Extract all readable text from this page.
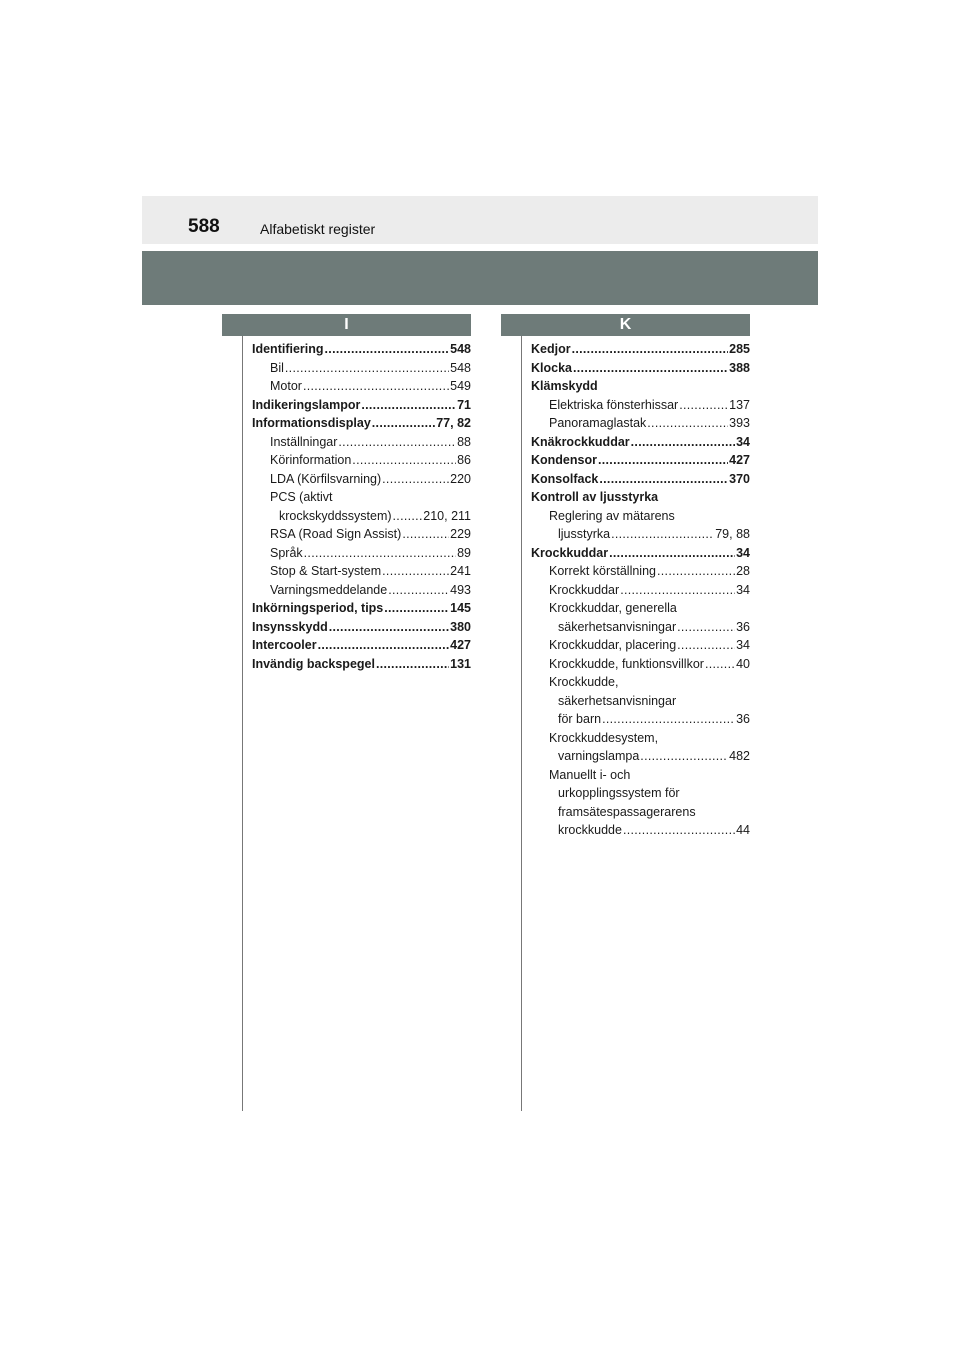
588	Alfabetiskt register
I	K
Identifiering .....	548
Bil .....	548
Motor .....	549
Indikeringslampor .....	71
Informationsdisplay .....	77, 82
Inställningar .....	88
Körinformation .....	86
LDA (Körfilsvarning) .....	220
PCS (aktivt
krockskyddssystem) .....	210, 211
RSA (Road Sign Assist) .....	229
Språk .....	89
Stop & Start-system .....	241
Varningsmeddelande .....	493
Inkörningsperiod, tips .....	145
Insynsskydd .....	380
Intercooler .....	427
Invändig backspegel .....	131
Kedjor .....	285
Klocka .....	388
Klämskydd
Elektriska fönsterhissar .....	137
Panoramaglastak .....	393
Knäkrockkuddar .....	34
Kondensor .....	427
Konsolfack .....	370
Kontroll av ljusstyrka
Reglering av mätarens
ljusstyrka .....	79, 88
Krockkuddar .....	34
Korrekt körställning .....	28
Krockkuddar .....	34
Krockkuddar, generella
säkerhetsanvisningar .....	36
Krockkuddar, placering .....	34
Krockkudde, funktionsvillkor .....	40
Krockkudde,
säkerhetsanvisningar
för barn .....	36
Krockkuddesystem,
varningslampa .....	482
Manuellt i- och
urkopplingssystem för
framsätespassagerarens
krockkudde .....	44
